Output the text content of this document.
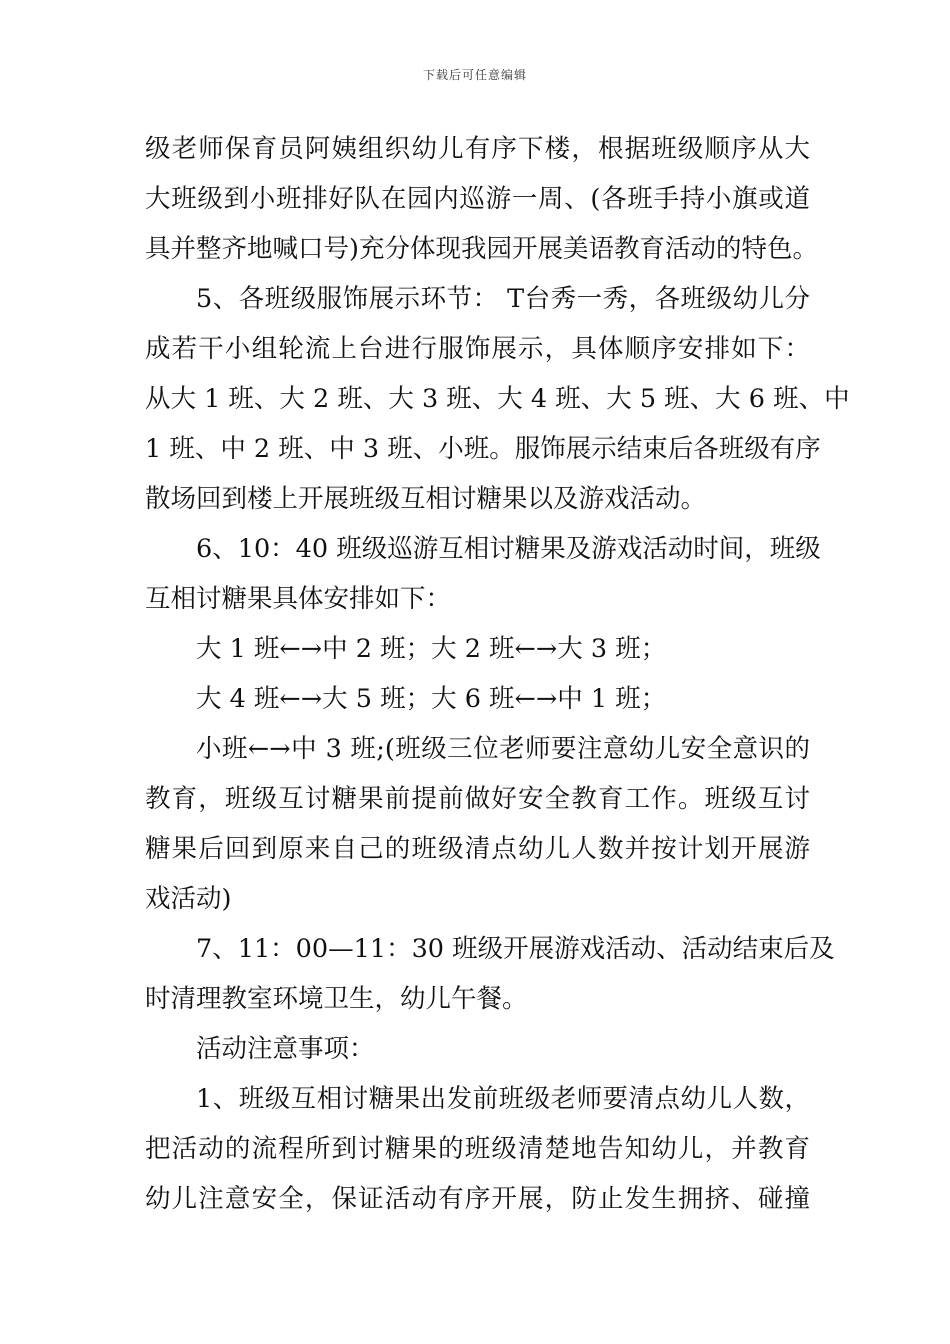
下载后可任意编辑
级老师保育员阿姨组织幼儿有序下楼，根据班级顺序从大
大班级到小班排好队在园内巡游一周、(各班手持小旗或道
具并整齐地喊口号)充分体现我园开展美语教育活动的特色。
5、各班级服饰展示环节： T台秀一秀，各班级幼儿分
成若干小组轮流上台进行服饰展示，具体顺序安排如下：
从大 1 班、大 2 班、大 3 班、大 4 班、大 5 班、大 6 班、中
1 班、中 2 班、中 3 班、小班。服饰展示结束后各班级有序
散场回到楼上开展班级互相讨糖果以及游戏活动。
6、10：40 班级巡游互相讨糖果及游戏活动时间，班级
互相讨糖果具体安排如下：
大 1 班←→中 2 班；大 2 班←→大 3 班；
大 4 班←→大 5 班；大 6 班←→中 1 班；
小班←→中 3 班;(班级三位老师要注意幼儿安全意识的
教育，班级互讨糖果前提前做好安全教育工作。班级互讨
糖果后回到原来自己的班级清点幼儿人数并按计划开展游
戏活动)
7、11：00—11：30 班级开展游戏活动、活动结束后及
时清理教室环境卫生，幼儿午餐。
活动注意事项：
1、班级互相讨糖果出发前班级老师要清点幼儿人数，
把活动的流程所到讨糖果的班级清楚地告知幼儿，并教育
幼儿注意安全，保证活动有序开展，防止发生拥挤、碰撞
